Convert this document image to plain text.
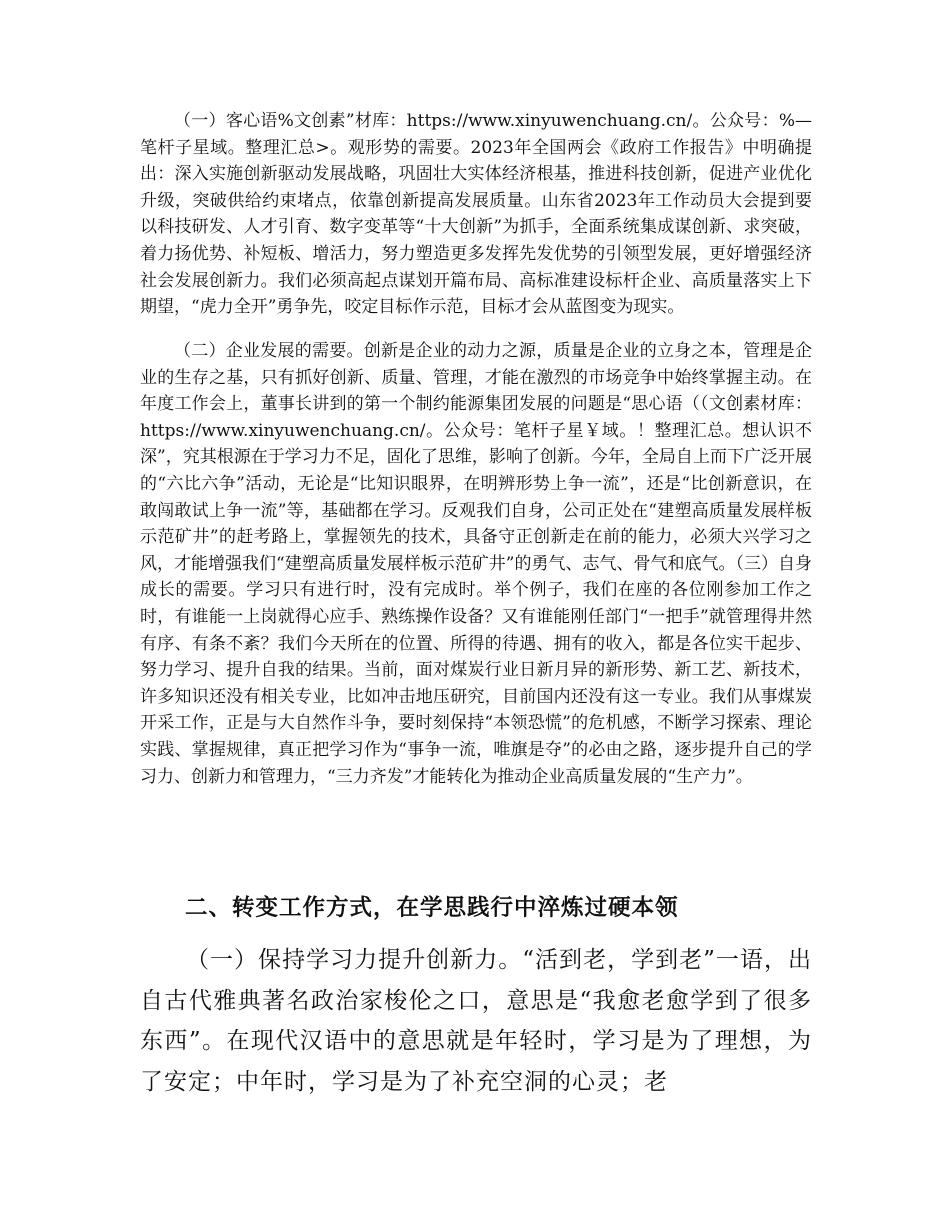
（一）客心语%文创素”材库：https://www.xinyuwenchuang.cn/。公众号：%—笔杆子星域。整理汇总>。观形势的需要。2023年全国两会《政府工作报告》中明确提出：深入实施创新驱动发展战略，巩固壮大实体经济根基，推进科技创新，促进产业优化升级，突破供给约束堵点，依靠创新提高发展质量。山东省2023年工作动员大会提到要以科技研发、人才引育、数字变革等“十大创新”为抓手，全面系统集成谋创新、求突破，着力扬优势、补短板、增活力，努力塑造更多发挥先发优势的引领型发展，更好增强经济社会发展创新力。我们必须高起点谋划开篇布局、高标准建设标杆企业、高质量落实上下期望，“虎力全开”勇争先，咬定目标作示范，目标才会从蓝图变为现实。

（二）企业发展的需要。创新是企业的动力之源，质量是企业的立身之本，管理是企业的生存之基，只有抓好创新、质量、管理，才能在激烈的市场竞争中始终掌握主动。在年度工作会上，董事长讲到的第一个制约能源集团发展的问题是“思心语（（文创素材库：https://www.xinyuwenchuang.cn/。公众号：笔杆子星￥域。！整理汇总。想认识不深”，究其根源在于学习力不足，固化了思维，影响了创新。今年，全局自上而下广泛开展的“六比六争”活动，无论是“比知识眼界，在明辨形势上争一流”，还是“比创新意识，在敢闯敢试上争一流”等，基础都在学习。反观我们自身，公司正处在“建塑高质量发展样板示范矿井”的赶考路上，掌握领先的技术，具备守正创新走在前的能力，必须大兴学习之风，才能增强我们“建塑高质量发展样板示范矿井”的勇气、志气、骨气和底气。（三）自身成长的需要。学习只有进行时，没有完成时。举个例子，我们在座的各位刚参加工作之时，有谁能一上岗就得心应手、熟练操作设备？又有谁能刚任部门“一把手”就管理得井然有序、有条不紊？我们今天所在的位置、所得的待遇、拥有的收入，都是各位实干起步、努力学习、提升自我的结果。当前，面对煤炭行业日新月异的新形势、新工艺、新技术，许多知识还没有相关专业，比如冲击地压研究，目前国内还没有这一专业。我们从事煤炭开采工作，正是与大自然作斗争，要时刻保持“本领恐慌”的危机感，不断学习探索、理论实践、掌握规律，真正把学习作为“事争一流，唯旗是夺”的必由之路，逐步提升自己的学习力、创新力和管理力，“三力齐发”才能转化为推动企业高质量发展的“生产力”。

二、转变工作方式，在学思践行中淬炼过硬本领

（一）保持学习力提升创新力。“活到老，学到老”一语，出自古代雅典著名政治家梭伦之口，意思是“我愈老愈学到了很多东西”。在现代汉语中的意思就是年轻时，学习是为了理想，为了安定；中年时，学习是为了补充空洞的心灵；老
